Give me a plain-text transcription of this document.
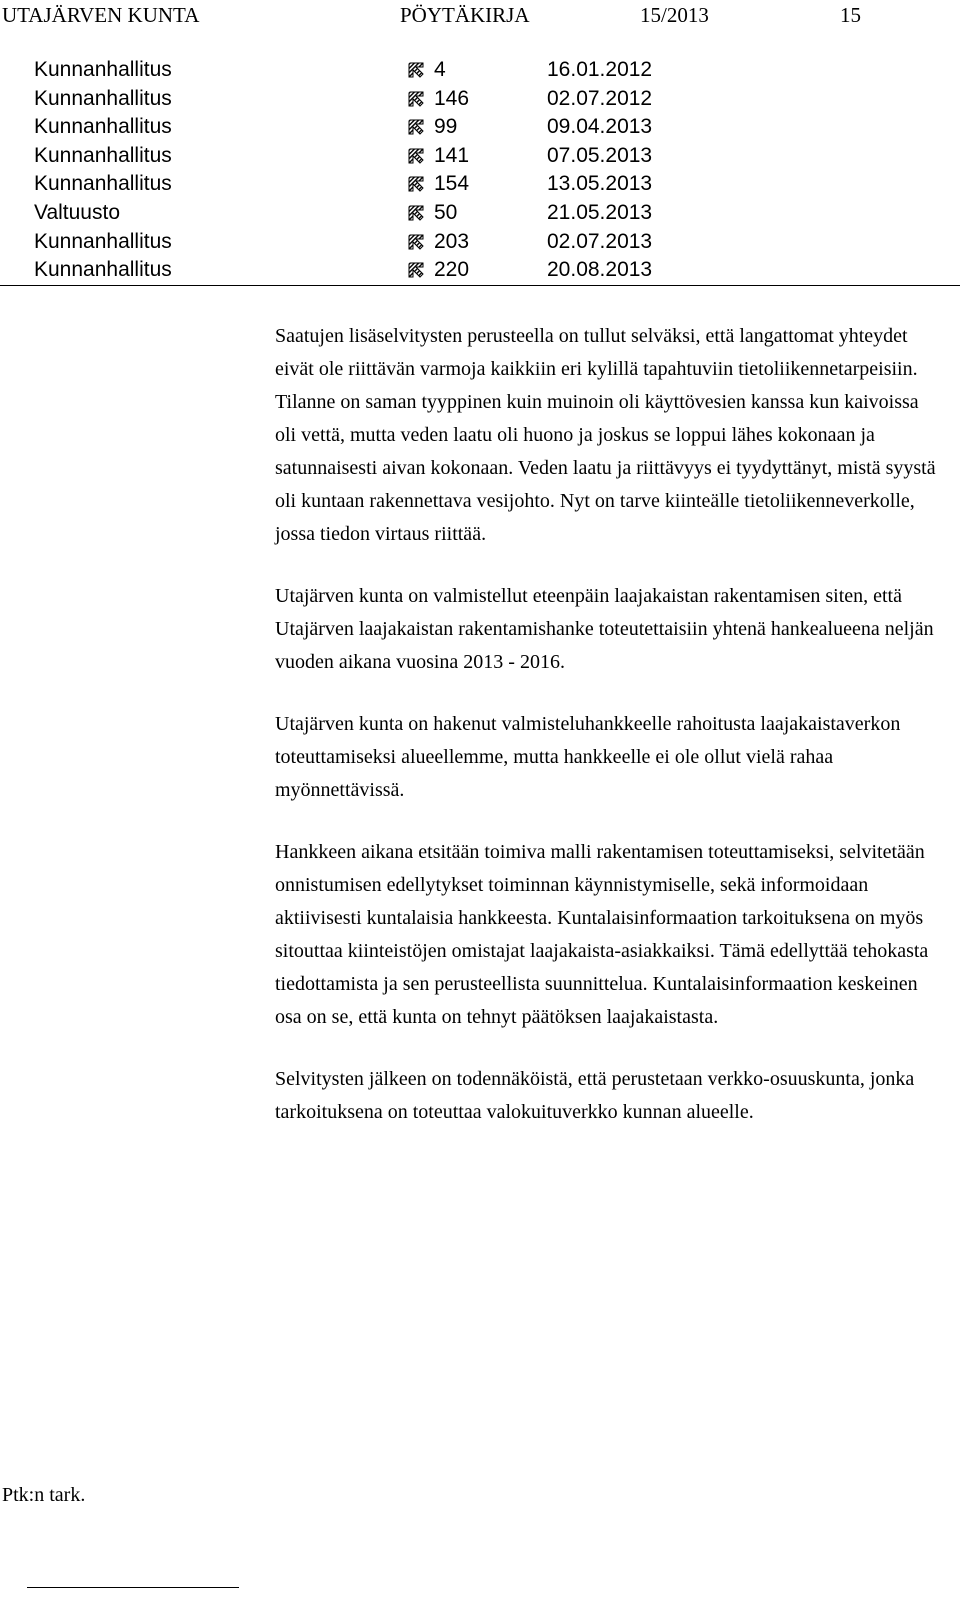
UTAJÄRVEN KUNTA	PÖYTÄKIRJA	15/2013	15
Kunnanhallitus	4	16.01.2012
Kunnanhallitus	146	02.07.2012
Kunnanhallitus	99	09.04.2013
Kunnanhallitus	141	07.05.2013
Kunnanhallitus	154	13.05.2013
Valtuusto	50	21.05.2013
Kunnanhallitus	203	02.07.2013
Kunnanhallitus	220	20.08.2013

Saatujen lisäselvitysten perusteella on tullut selväksi, että langattomat yhteydet eivät ole riittävän varmoja kaikkiin eri kylillä tapahtuviin tietoliikennetarpeisiin. Tilanne on saman tyyppinen kuin muinoin oli käyttövesien kanssa kun kaivoissa oli vettä, mutta veden laatu oli huono ja joskus se loppui lähes kokonaan ja satunnaisesti aivan kokonaan. Veden laatu ja riittävyys ei tyydyttänyt, mistä syystä oli kuntaan rakennettava vesijohto. Nyt on tarve kiinteälle tietoliikenneverkolle, jossa tiedon virtaus riittää.

Utajärven kunta on valmistellut eteenpäin laajakaistan rakentamisen siten, että Utajärven laajakaistan rakentamishanke toteutettaisiin yhtenä hankealueena neljän vuoden aikana vuosina 2013 - 2016.

Utajärven kunta on hakenut valmisteluhankkeelle rahoitusta laajakaistaverkon toteuttamiseksi alueellemme, mutta hankkeelle ei ole ollut vielä rahaa myönnettävissä.

Hankkeen aikana etsitään toimiva malli rakentamisen toteuttamiseksi, selvitetään onnistumisen edellytykset toiminnan käynnistymiselle, sekä informoidaan aktiivisesti kuntalaisia hankkeesta. Kuntalaisinformaation tarkoituksena on myös sitouttaa kiinteistöjen omistajat laajakaista-asiakkaiksi. Tämä edellyttää tehokasta tiedottamista ja sen perusteellista suunnittelua. Kuntalaisinformaation keskeinen osa on se, että kunta on tehnyt päätöksen laajakaistasta.

Selvitysten jälkeen on todennäköistä, että perustetaan verkko-osuuskunta, jonka tarkoituksena on toteuttaa valokuituverkko kunnan alueelle.

Ptk:n tark.
